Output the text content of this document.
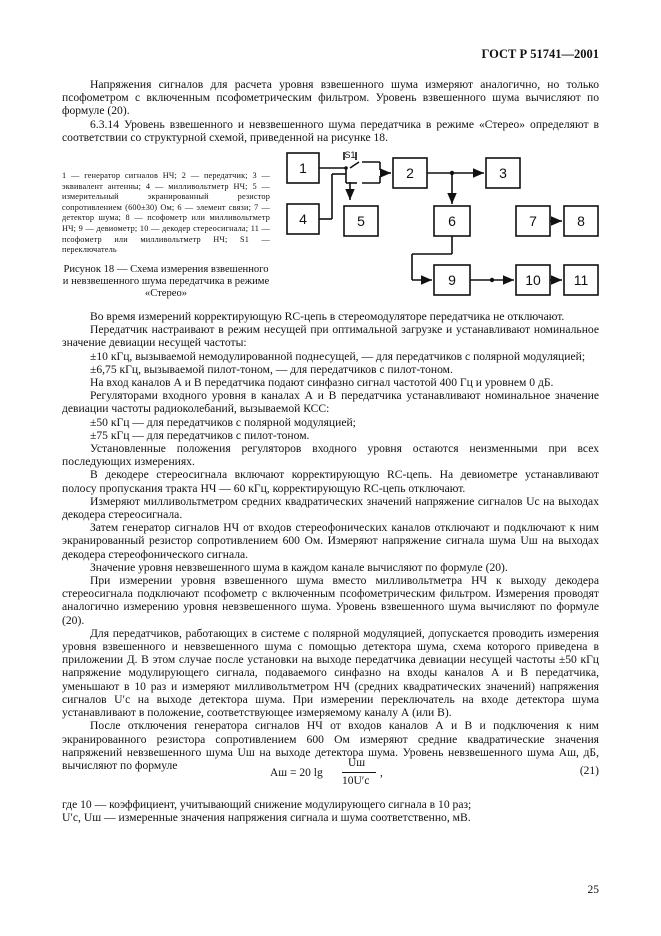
ГОСТ Р 51741—2001

Напряжения сигналов для расчета уровня взвешенного шума измеряют аналогично, но только псофометром с включенным псофометрическим фильтром. Уровень взвешенного шума вычисляют по формуле (20).

6.3.14 Уровень взвешенного и невзвешенного шума передатчика в режиме «Стерео» определяют в соответствии со структурной схемой, приведенной на рисунке 18.

1 — генератор сигналов НЧ; 2 — передатчик; 3 — эквивалент антенны; 4 — милливольтметр НЧ; 5 — измерительный экранированный резистор сопротивлением (600±30) Ом; 6 — элемент связи; 7 — детектор шума; 8 — псофометр или милливольтметр НЧ; 9 — девиометр; 10 — декодер стереосигнала; 11 — псофометр или милливольтметр НЧ; S1 — переключатель
Рисунок 18 — Схема измерения взвешенного и невзвешенного шума передатчика в режиме «Стерео»
1	2	3
4	5	6	7	8
9	10 11
S1

Во время измерений корректирующую RC-цепь в стереомодуляторе передатчика не отключают.

Передатчик настраивают в режим несущей при оптимальной загрузке и устанавливают номинальное значение девиации несущей частоты:

±10 кГц, вызываемой немодулированной поднесущей, — для передатчиков с полярной модуляцией;

±6,75 кГц, вызываемой пилот-тоном, — для передатчиков с пилот-тоном.

На вход каналов А и В передатчика подают синфазно сигнал частотой 400 Гц и уровнем 0 дБ.

Регуляторами входного уровня в каналах А и В передатчика устанавливают номинальное значение девиации частоты радиоколебаний, вызываемой КСС:

±50 кГц — для передатчиков с полярной модуляцией;

±75 кГц — для передатчиков с пилот-тоном.

Установленные положения регуляторов входного уровня остаются неизменными при всех последующих измерениях.

В декодере стереосигнала включают корректирующую RC-цепь. На девиометре устанавливают полосу пропускания тракта НЧ — 60 кГц, корректирующую RC-цепь отключают.

Измеряют милливольтметром средних квадратических значений напряжение сигналов Uс на выходах декодера стереосигнала.

Затем генератор сигналов НЧ от входов стереофонических каналов отключают и подключают к ним экранированный резистор сопротивлением 600 Ом. Измеряют напряжение сигнала шума Uш на выходах декодера стереофонического сигнала.

Значение уровня невзвешенного шума в каждом канале вычисляют по формуле (20).

При измерении уровня взвешенного шума вместо милливольтметра НЧ к выходу декодера стереосигнала подключают псофометр с включенным псофометрическим фильтром. Измерения проводят аналогично измерению уровня невзвешенного шума. Уровень взвешенного шума вычисляют по формуле (20).

Для передатчиков, работающих в системе с полярной модуляцией, допускается проводить измерения уровня взвешенного и невзвешенного шума с помощью детектора шума, схема которого приведена в приложении Д. В этом случае после установки на выходе передатчика девиации несущей частоты ±50 кГц напряжение модулирующего сигнала, подаваемого синфазно на входы каналов А и В передатчика, уменьшают в 10 раз и измеряют милливольтметром НЧ (средних квадратических значений) напряжения сигналов U′с на выходе детектора шума. При измерении переключатель на входе детектора шума устанавливают в положение, соответствующее измеряемому каналу А (или В).

После отключения генератора сигналов НЧ от входов каналов А и В и подключения к ним экранированного резистора сопротивлением 600 Ом измеряют средние квадратические значения напряжений невзвешенного шума Uш на выходе детектора шума. Уровень невзвешенного шума Aш, дБ, вычисляют по формуле

Aш = 20 lg
Uш
10U′с
,	(21)

где 10 — коэффициент, учитывающий снижение модулирующего сигнала в 10 раз;

U′с, Uш — измеренные значения напряжения сигнала и шума соответственно, мВ.

25
